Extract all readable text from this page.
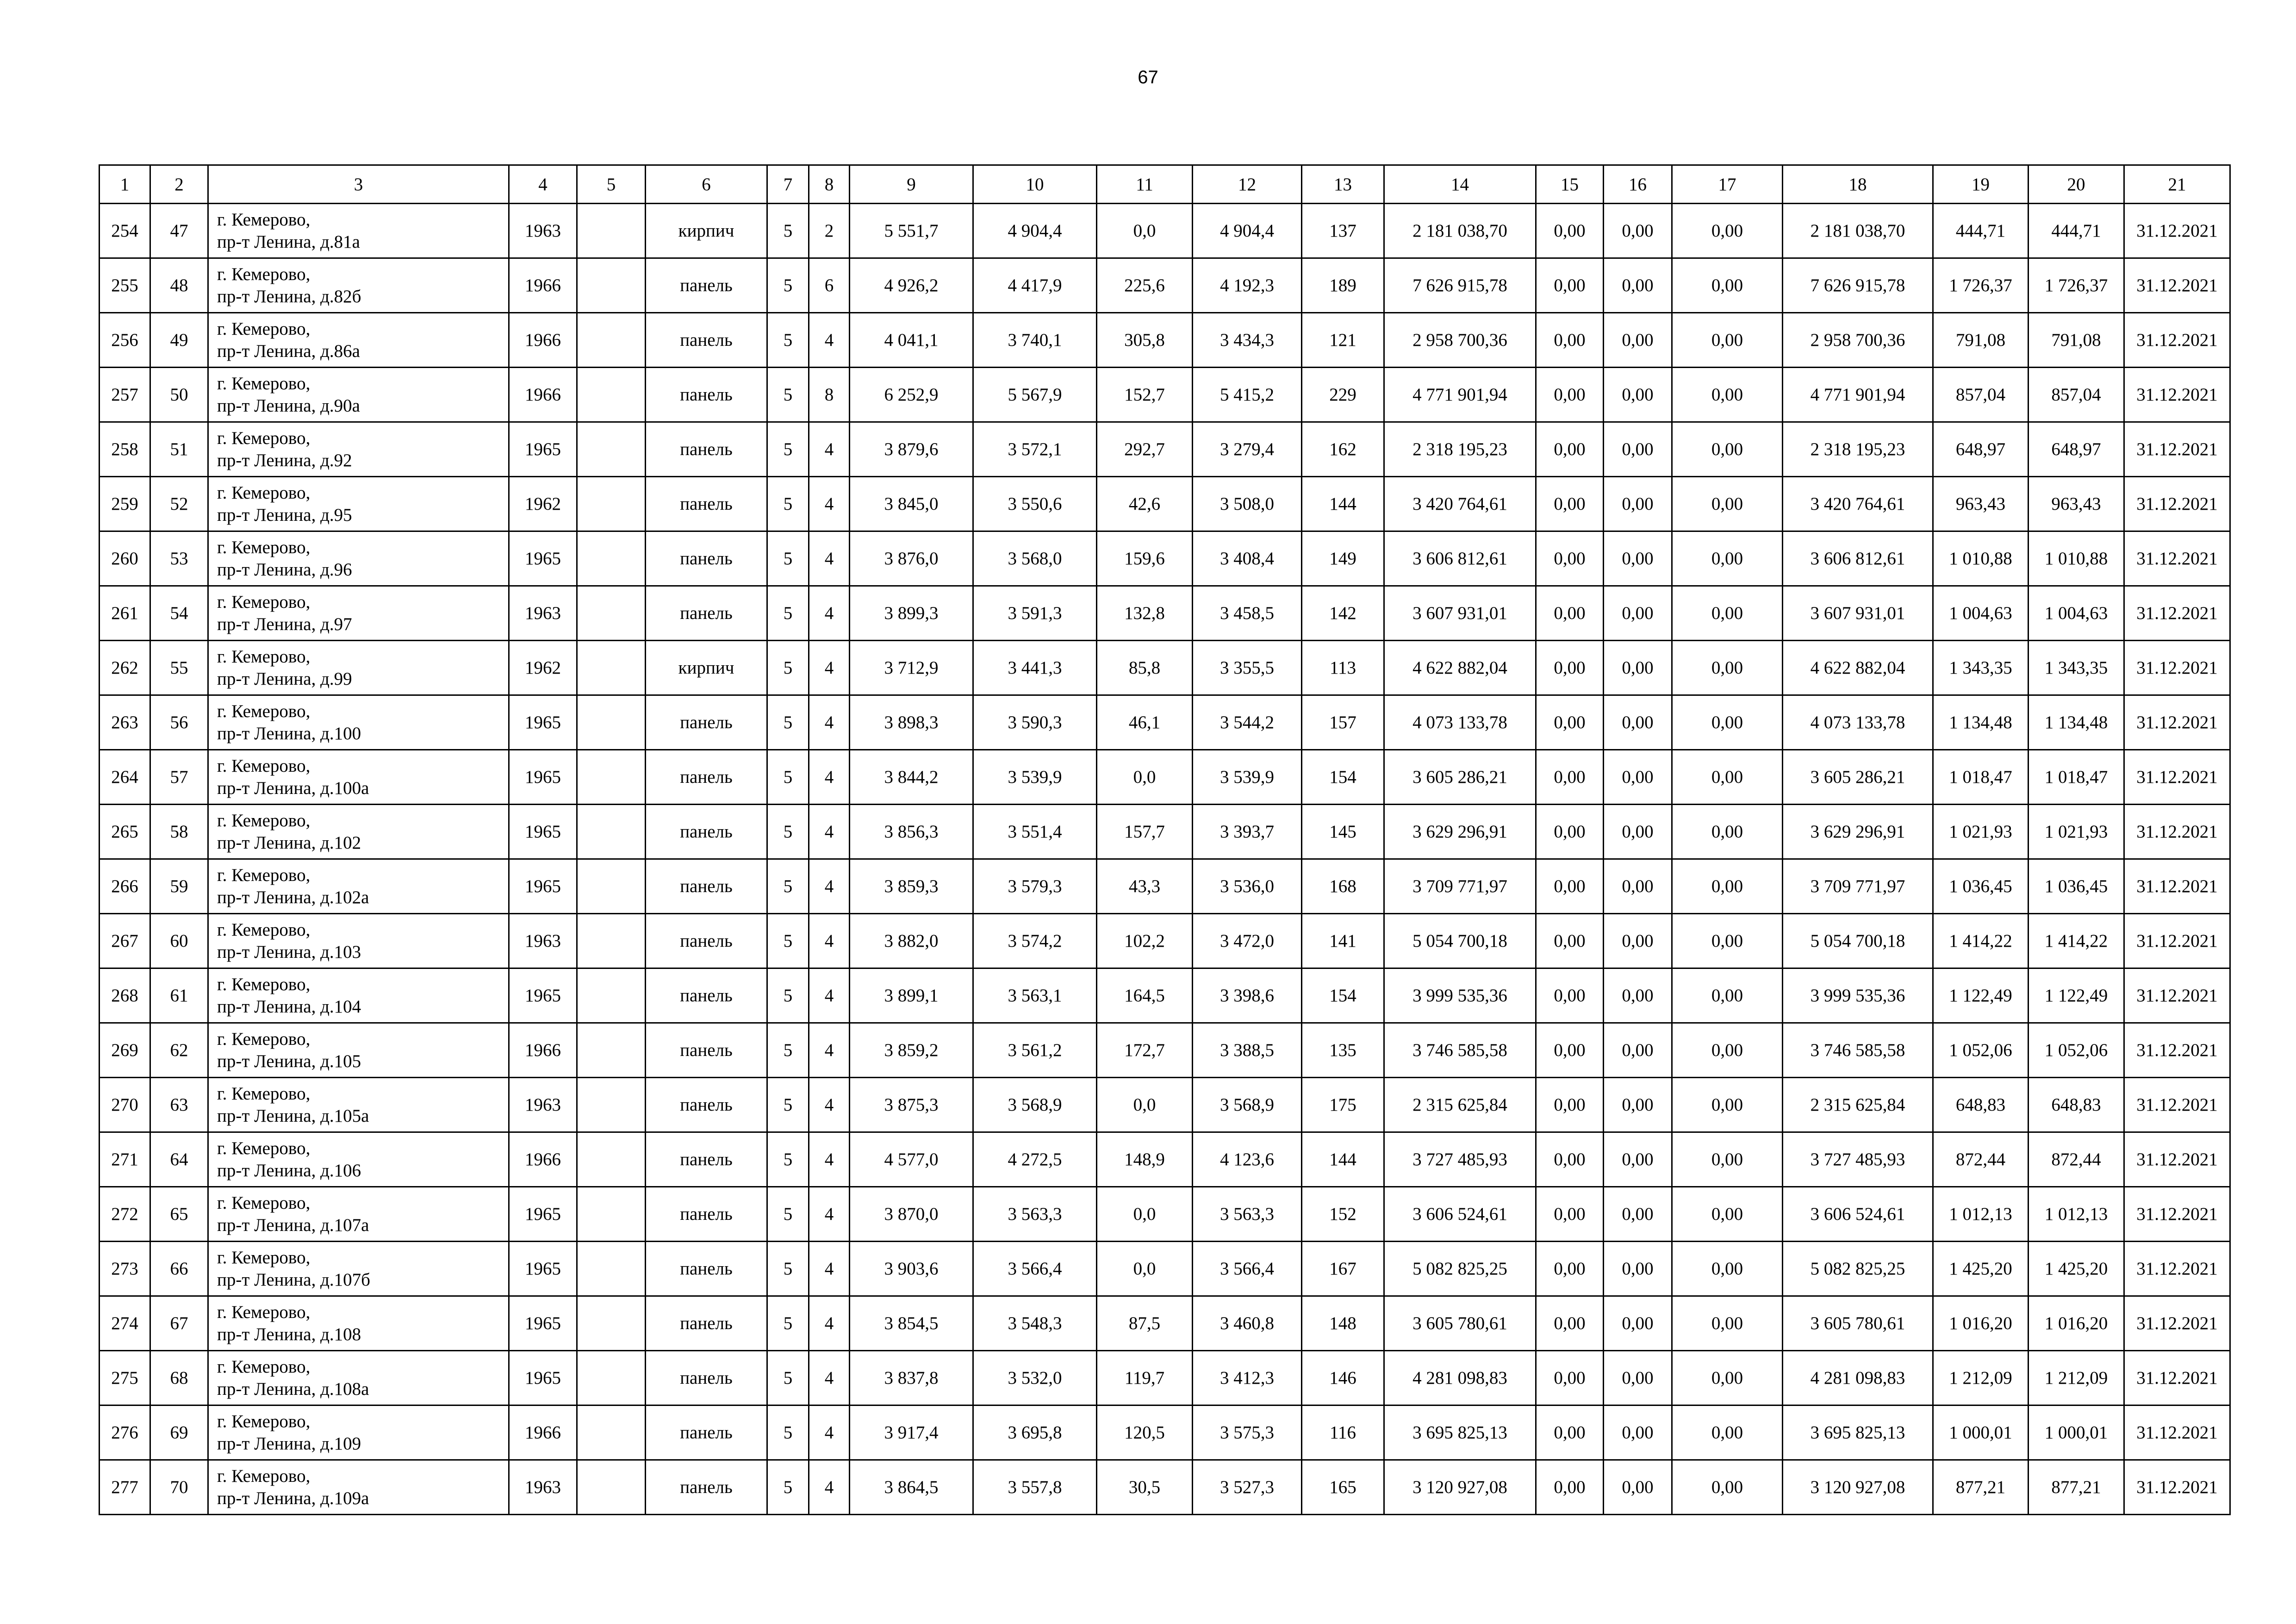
67
1	2	3	4	5	6	7	8	9	10	11	12	13	14	15	16	17	18	19	20	21
254	47	г. Кемерово,
пр-т Ленина, д.81а	1963		кирпич	5	2	5 551,7	4 904,4	0,0	4 904,4	137	2 181 038,70	0,00	0,00	0,00	2 181 038,70	444,71	444,71	31.12.2021
255	48	г. Кемерово,
пр-т Ленина, д.82б	1966		панель	5	6	4 926,2	4 417,9	225,6	4 192,3	189	7 626 915,78	0,00	0,00	0,00	7 626 915,78	1 726,37	1 726,37	31.12.2021
256	49	г. Кемерово,
пр-т Ленина, д.86а	1966		панель	5	4	4 041,1	3 740,1	305,8	3 434,3	121	2 958 700,36	0,00	0,00	0,00	2 958 700,36	791,08	791,08	31.12.2021
257	50	г. Кемерово,
пр-т Ленина, д.90а	1966		панель	5	8	6 252,9	5 567,9	152,7	5 415,2	229	4 771 901,94	0,00	0,00	0,00	4 771 901,94	857,04	857,04	31.12.2021
258	51	г. Кемерово,
пр-т Ленина, д.92	1965		панель	5	4	3 879,6	3 572,1	292,7	3 279,4	162	2 318 195,23	0,00	0,00	0,00	2 318 195,23	648,97	648,97	31.12.2021
259	52	г. Кемерово,
пр-т Ленина, д.95	1962		панель	5	4	3 845,0	3 550,6	42,6	3 508,0	144	3 420 764,61	0,00	0,00	0,00	3 420 764,61	963,43	963,43	31.12.2021
260	53	г. Кемерово,
пр-т Ленина, д.96	1965		панель	5	4	3 876,0	3 568,0	159,6	3 408,4	149	3 606 812,61	0,00	0,00	0,00	3 606 812,61	1 010,88	1 010,88	31.12.2021
261	54	г. Кемерово,
пр-т Ленина, д.97	1963		панель	5	4	3 899,3	3 591,3	132,8	3 458,5	142	3 607 931,01	0,00	0,00	0,00	3 607 931,01	1 004,63	1 004,63	31.12.2021
262	55	г. Кемерово,
пр-т Ленина, д.99	1962		кирпич	5	4	3 712,9	3 441,3	85,8	3 355,5	113	4 622 882,04	0,00	0,00	0,00	4 622 882,04	1 343,35	1 343,35	31.12.2021
263	56	г. Кемерово,
пр-т Ленина, д.100	1965		панель	5	4	3 898,3	3 590,3	46,1	3 544,2	157	4 073 133,78	0,00	0,00	0,00	4 073 133,78	1 134,48	1 134,48	31.12.2021
264	57	г. Кемерово,
пр-т Ленина, д.100а	1965		панель	5	4	3 844,2	3 539,9	0,0	3 539,9	154	3 605 286,21	0,00	0,00	0,00	3 605 286,21	1 018,47	1 018,47	31.12.2021
265	58	г. Кемерово,
пр-т Ленина, д.102	1965		панель	5	4	3 856,3	3 551,4	157,7	3 393,7	145	3 629 296,91	0,00	0,00	0,00	3 629 296,91	1 021,93	1 021,93	31.12.2021
266	59	г. Кемерово,
пр-т Ленина, д.102а	1965		панель	5	4	3 859,3	3 579,3	43,3	3 536,0	168	3 709 771,97	0,00	0,00	0,00	3 709 771,97	1 036,45	1 036,45	31.12.2021
267	60	г. Кемерово,
пр-т Ленина, д.103	1963		панель	5	4	3 882,0	3 574,2	102,2	3 472,0	141	5 054 700,18	0,00	0,00	0,00	5 054 700,18	1 414,22	1 414,22	31.12.2021
268	61	г. Кемерово,
пр-т Ленина, д.104	1965		панель	5	4	3 899,1	3 563,1	164,5	3 398,6	154	3 999 535,36	0,00	0,00	0,00	3 999 535,36	1 122,49	1 122,49	31.12.2021
269	62	г. Кемерово,
пр-т Ленина, д.105	1966		панель	5	4	3 859,2	3 561,2	172,7	3 388,5	135	3 746 585,58	0,00	0,00	0,00	3 746 585,58	1 052,06	1 052,06	31.12.2021
270	63	г. Кемерово,
пр-т Ленина, д.105а	1963		панель	5	4	3 875,3	3 568,9	0,0	3 568,9	175	2 315 625,84	0,00	0,00	0,00	2 315 625,84	648,83	648,83	31.12.2021
271	64	г. Кемерово,
пр-т Ленина, д.106	1966		панель	5	4	4 577,0	4 272,5	148,9	4 123,6	144	3 727 485,93	0,00	0,00	0,00	3 727 485,93	872,44	872,44	31.12.2021
272	65	г. Кемерово,
пр-т Ленина, д.107а	1965		панель	5	4	3 870,0	3 563,3	0,0	3 563,3	152	3 606 524,61	0,00	0,00	0,00	3 606 524,61	1 012,13	1 012,13	31.12.2021
273	66	г. Кемерово,
пр-т Ленина, д.107б	1965		панель	5	4	3 903,6	3 566,4	0,0	3 566,4	167	5 082 825,25	0,00	0,00	0,00	5 082 825,25	1 425,20	1 425,20	31.12.2021
274	67	г. Кемерово,
пр-т Ленина, д.108	1965		панель	5	4	3 854,5	3 548,3	87,5	3 460,8	148	3 605 780,61	0,00	0,00	0,00	3 605 780,61	1 016,20	1 016,20	31.12.2021
275	68	г. Кемерово,
пр-т Ленина, д.108а	1965		панель	5	4	3 837,8	3 532,0	119,7	3 412,3	146	4 281 098,83	0,00	0,00	0,00	4 281 098,83	1 212,09	1 212,09	31.12.2021
276	69	г. Кемерово,
пр-т Ленина, д.109	1966		панель	5	4	3 917,4	3 695,8	120,5	3 575,3	116	3 695 825,13	0,00	0,00	0,00	3 695 825,13	1 000,01	1 000,01	31.12.2021
277	70	г. Кемерово,
пр-т Ленина, д.109а	1963		панель	5	4	3 864,5	3 557,8	30,5	3 527,3	165	3 120 927,08	0,00	0,00	0,00	3 120 927,08	877,21	877,21	31.12.2021
